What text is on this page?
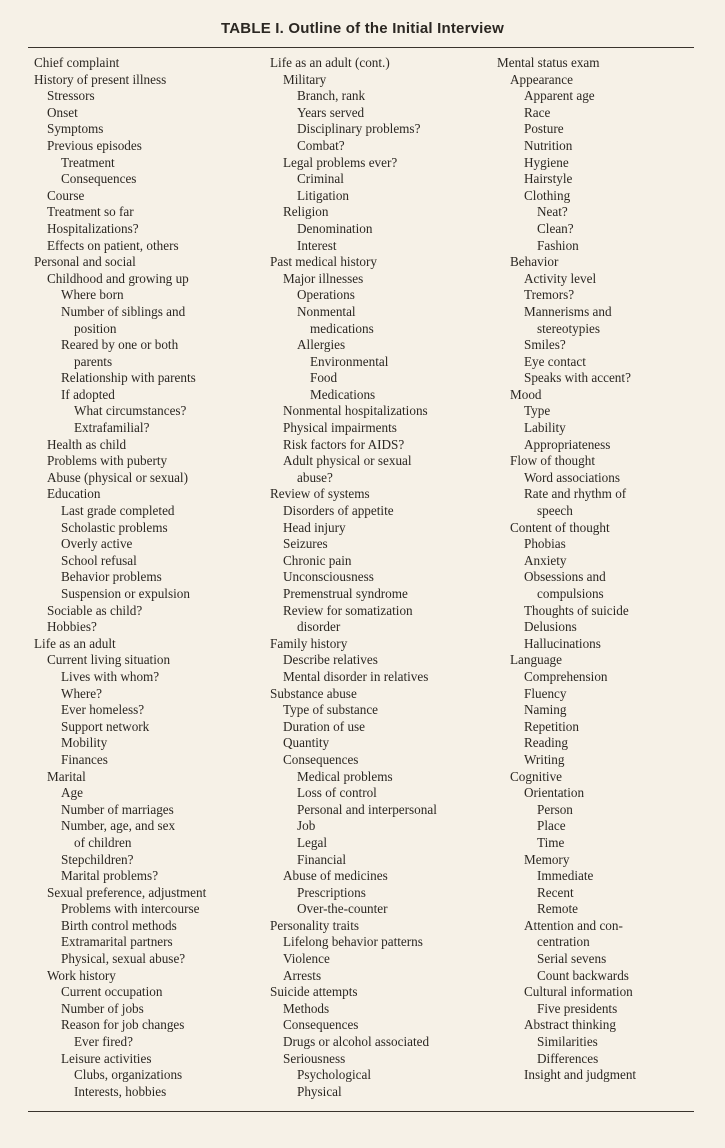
TABLE I. Outline of the Initial Interview
Chief complaint
History of present illness
Stressors
Onset
Symptoms
Previous episodes
Treatment
Consequences
Course
Treatment so far
Hospitalizations?
Effects on patient, others
Personal and social
Childhood and growing up
Where born
Number of siblings and
position
Reared by one or both
parents
Relationship with parents
If adopted
What circumstances?
Extrafamilial?
Health as child
Problems with puberty
Abuse (physical or sexual)
Education
Last grade completed
Scholastic problems
Overly active
School refusal
Behavior problems
Suspension or expulsion
Sociable as child?
Hobbies?
Life as an adult
Current living situation
Lives with whom?
Where?
Ever homeless?
Support network
Mobility
Finances
Marital
Age
Number of marriages
Number, age, and sex
of children
Stepchildren?
Marital problems?
Sexual preference, adjustment
Problems with intercourse
Birth control methods
Extramarital partners
Physical, sexual abuse?
Work history
Current occupation
Number of jobs
Reason for job changes
Ever fired?
Leisure activities
Clubs, organizations
Interests, hobbies
Life as an adult (cont.)
Military
Branch, rank
Years served
Disciplinary problems?
Combat?
Legal problems ever?
Criminal
Litigation
Religion
Denomination
Interest
Past medical history
Major illnesses
Operations
Nonmental
medications
Allergies
Environmental
Food
Medications
Nonmental hospitalizations
Physical impairments
Risk factors for AIDS?
Adult physical or sexual
abuse?
Review of systems
Disorders of appetite
Head injury
Seizures
Chronic pain
Unconsciousness
Premenstrual syndrome
Review for somatization
disorder
Family history
Describe relatives
Mental disorder in relatives
Substance abuse
Type of substance
Duration of use
Quantity
Consequences
Medical problems
Loss of control
Personal and interpersonal
Job
Legal
Financial
Abuse of medicines
Prescriptions
Over-the-counter
Personality traits
Lifelong behavior patterns
Violence
Arrests
Suicide attempts
Methods
Consequences
Drugs or alcohol associated
Seriousness
Psychological
Physical
Mental status exam
Appearance
Apparent age
Race
Posture
Nutrition
Hygiene
Hairstyle
Clothing
Neat?
Clean?
Fashion
Behavior
Activity level
Tremors?
Mannerisms and
stereotypies
Smiles?
Eye contact
Speaks with accent?
Mood
Type
Lability
Appropriateness
Flow of thought
Word associations
Rate and rhythm of
speech
Content of thought
Phobias
Anxiety
Obsessions and
compulsions
Thoughts of suicide
Delusions
Hallucinations
Language
Comprehension
Fluency
Naming
Repetition
Reading
Writing
Cognitive
Orientation
Person
Place
Time
Memory
Immediate
Recent
Remote
Attention and con-
centration
Serial sevens
Count backwards
Cultural information
Five presidents
Abstract thinking
Similarities
Differences
Insight and judgment
